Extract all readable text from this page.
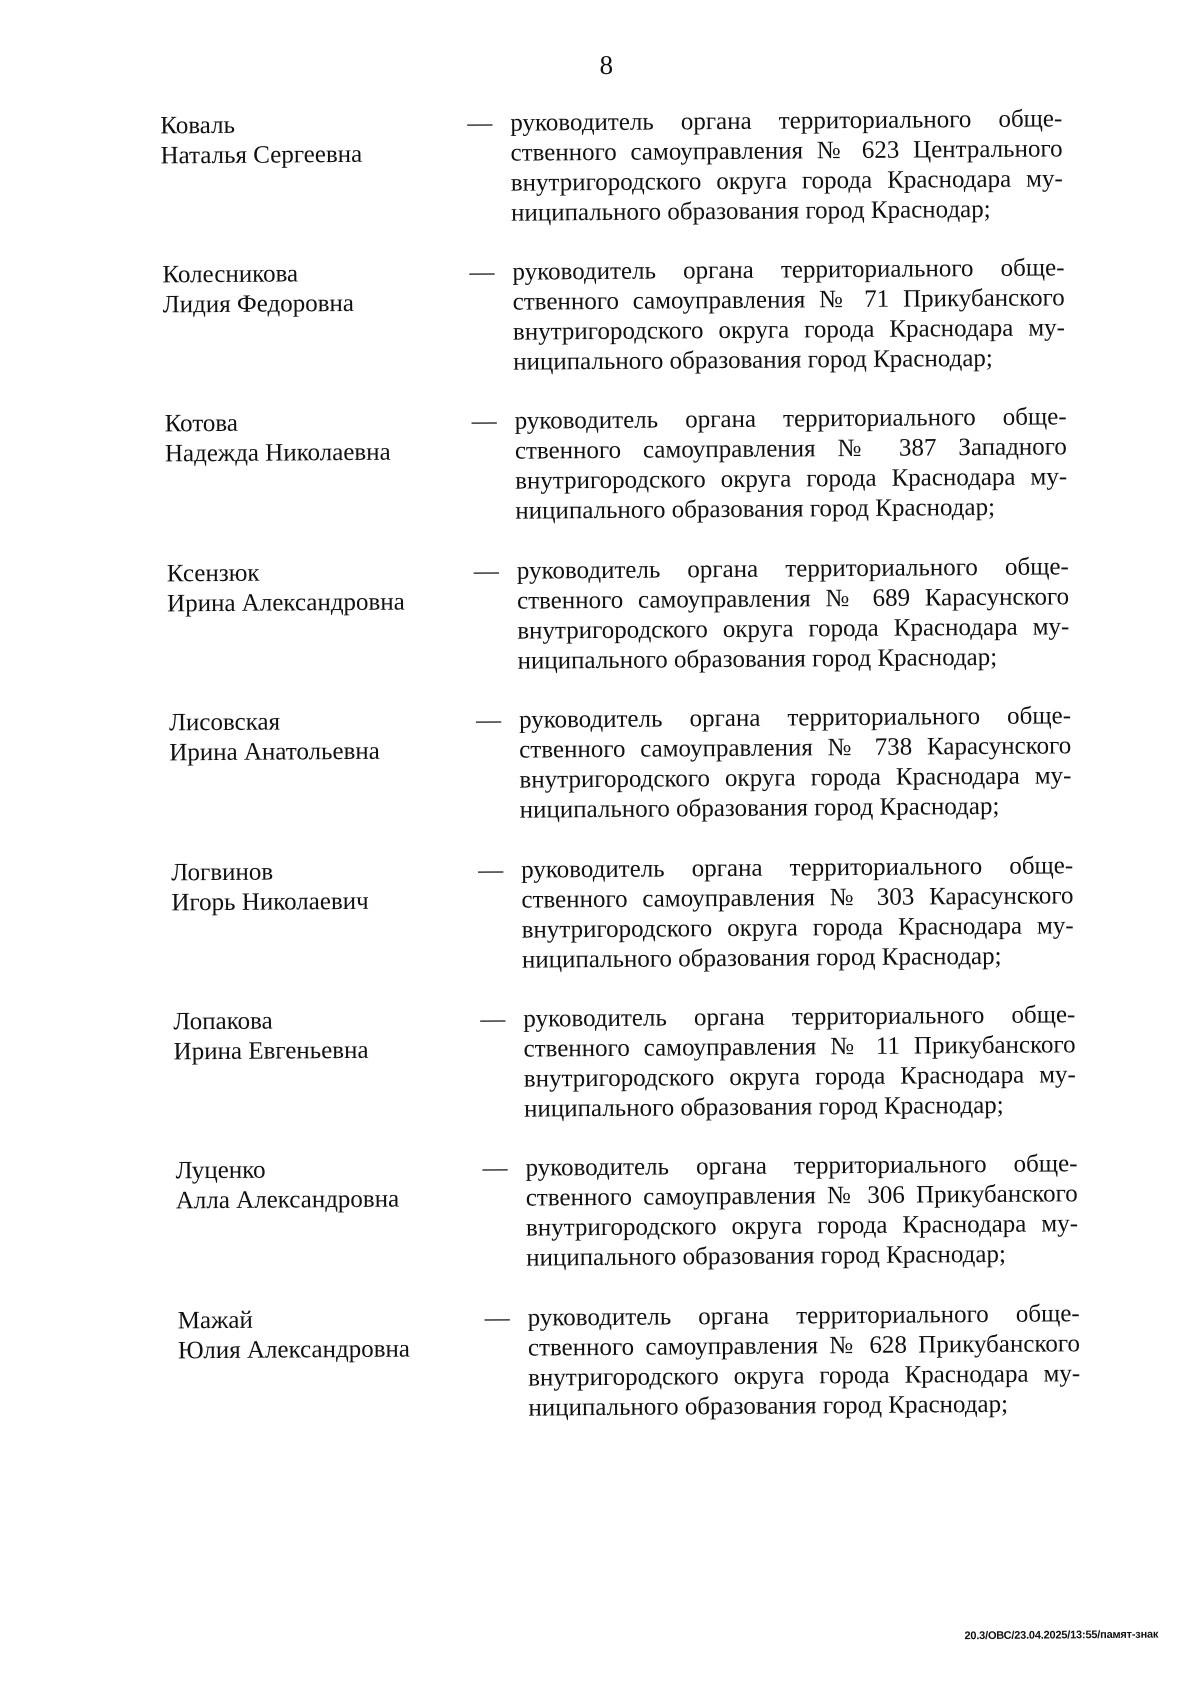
8
Коваль
Наталья Сергеевна
— руководитель органа территориального обще-
ственного самоуправления № 623 Центрального
внутригородского округа города Краснодара му-
ниципального образования город Краснодар;
Колесникова
Лидия Федоровна
— руководитель органа территориального обще-
ственного самоуправления № 71 Прикубанского
внутригородского округа города Краснодара му-
ниципального образования город Краснодар;
Котова
Надежда Николаевна
— руководитель органа территориального обще-
ственного самоуправления № 387 Западного
внутригородского округа города Краснодара му-
ниципального образования город Краснодар;
Ксензюк
Ирина Александровна
— руководитель органа территориального обще-
ственного самоуправления № 689 Карасунского
внутригородского округа города Краснодара му-
ниципального образования город Краснодар;
Лисовская
Ирина Анатольевна
— руководитель органа территориального обще-
ственного самоуправления № 738 Карасунского
внутригородского округа города Краснодара му-
ниципального образования город Краснодар;
Логвинов
Игорь Николаевич
— руководитель органа территориального обще-
ственного самоуправления № 303 Карасунского
внутригородского округа города Краснодара му-
ниципального образования город Краснодар;
Лопакова
Ирина Евгеньевна
— руководитель органа территориального обще-
ственного самоуправления № 11 Прикубанского
внутригородского округа города Краснодара му-
ниципального образования город Краснодар;
Луценко
Алла Александровна
— руководитель органа территориального обще-
ственного самоуправления № 306 Прикубанского
внутригородского округа города Краснодара му-
ниципального образования город Краснодар;
Мажай
Юлия Александровна
— руководитель органа территориального обще-
ственного самоуправления № 628 Прикубанского
внутригородского округа города Краснодара му-
ниципального образования город Краснодар;
20.3/ОВС/23.04.2025/13:55/памят-знак
